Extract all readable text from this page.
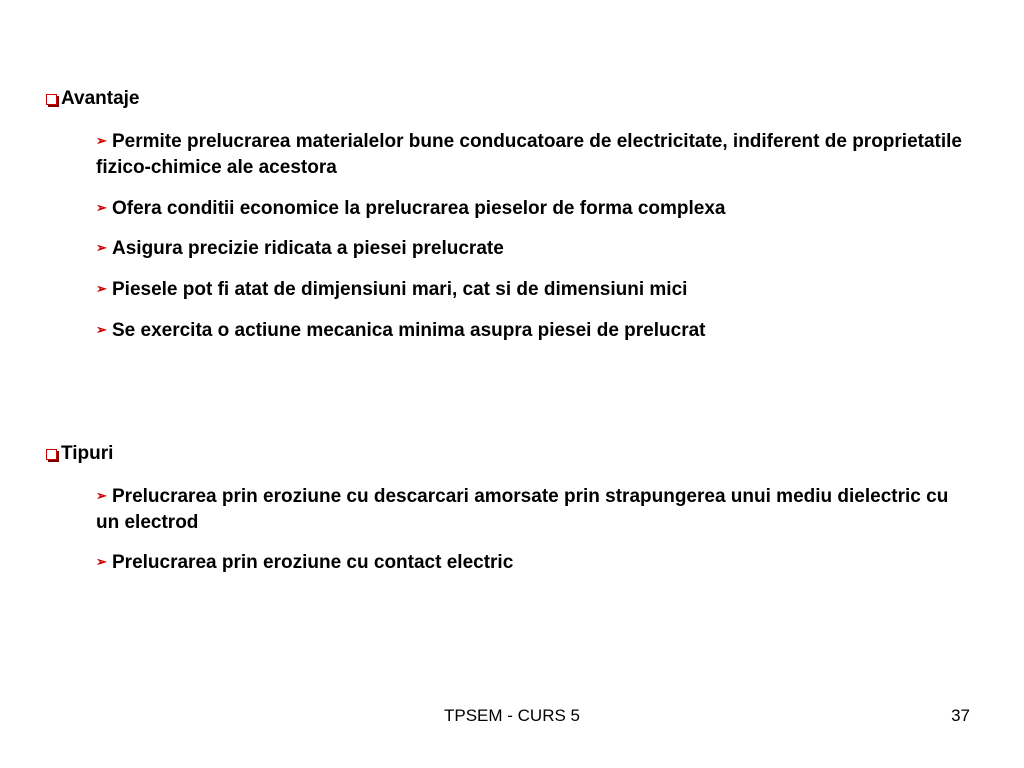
Avantaje
➢ Permite prelucrarea materialelor bune conducatoare de electricitate, indiferent de proprietatile fizico-chimice ale acestora
➢ Ofera conditii economice la prelucrarea pieselor de forma complexa
➢ Asigura precizie ridicata a piesei prelucrate
➢ Piesele pot fi atat de dimjensiuni mari, cat si de dimensiuni mici
➢ Se exercita o actiune mecanica minima asupra piesei de prelucrat
Tipuri
➢ Prelucrarea prin eroziune cu descarcari amorsate prin strapungerea unui mediu dielectric cu un electrod
➢ Prelucrarea prin eroziune cu contact electric
TPSEM - CURS 5	37
